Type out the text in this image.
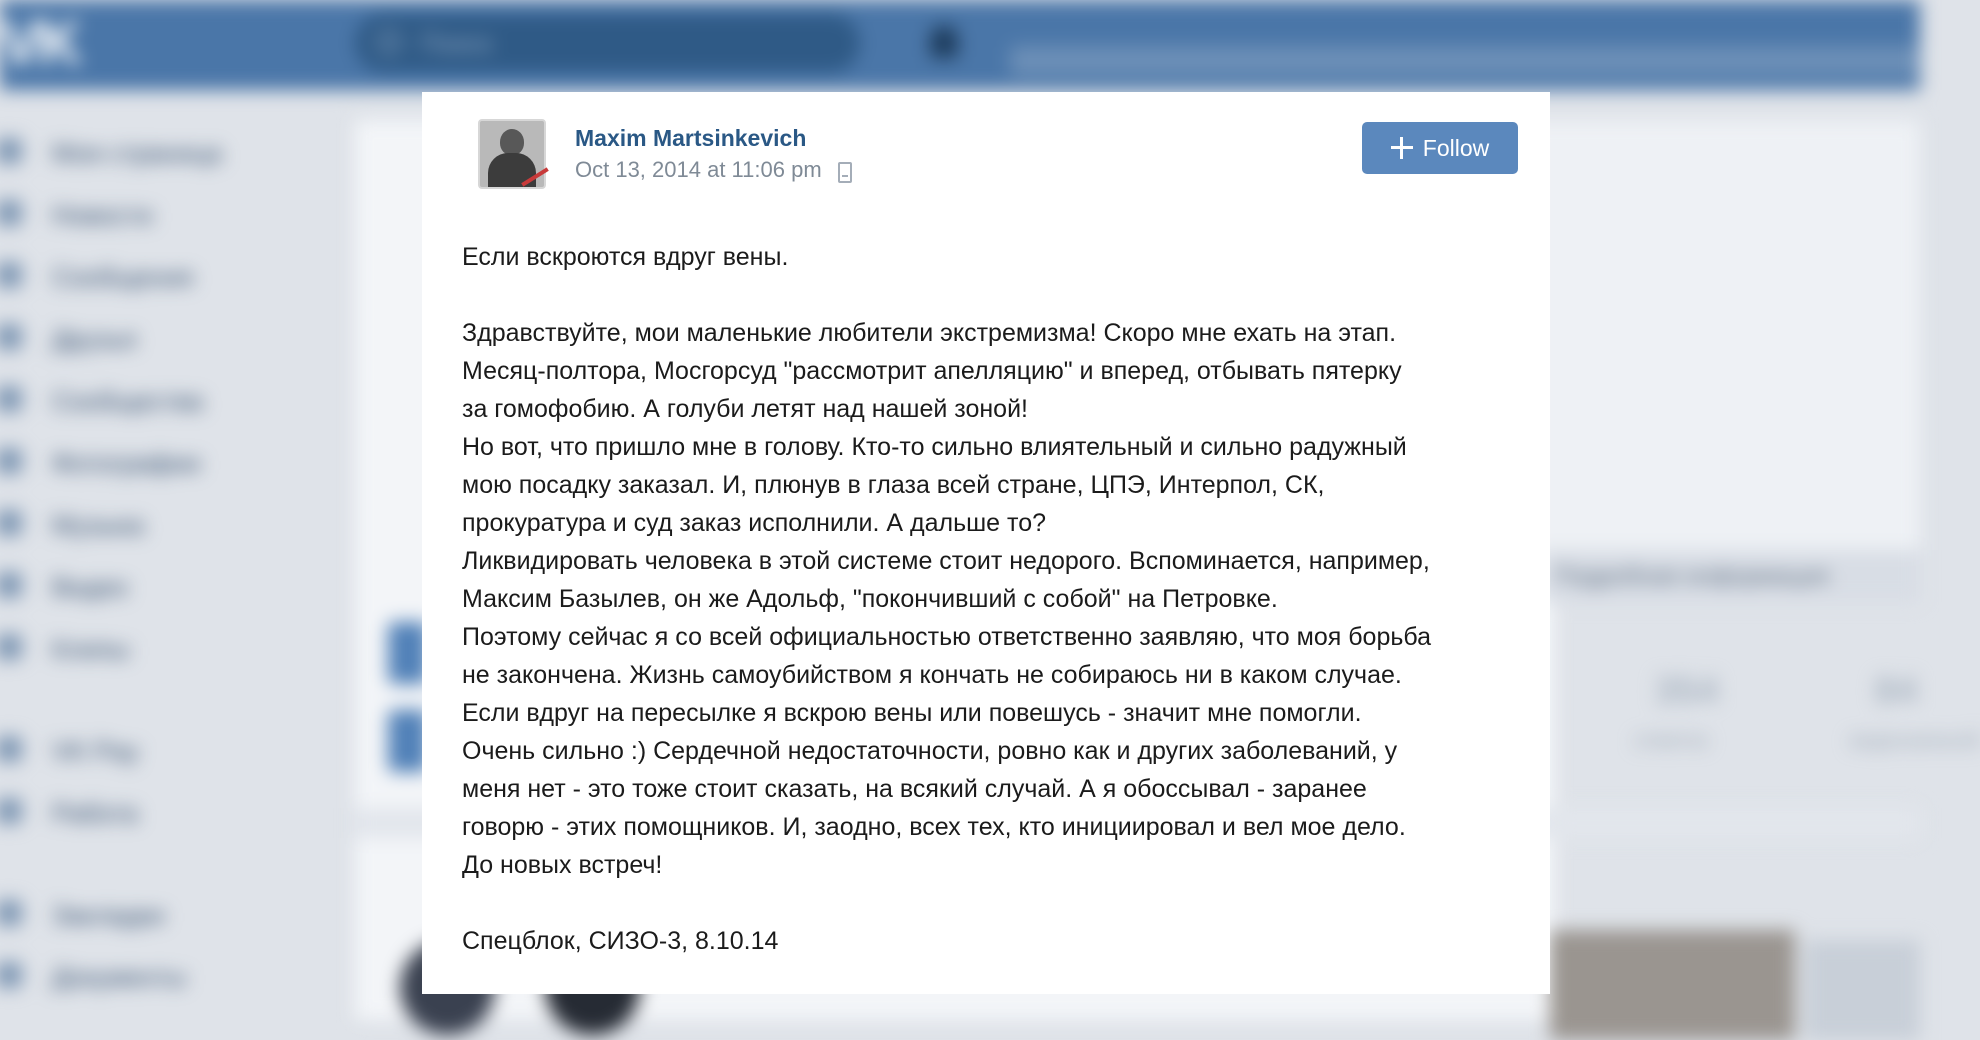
VK	Поиск
Моя страница
Новости
Сообщения
Друзья
Сообщества
Фотографии
Музыка
Видео
Клипы
VK Pay
Работа
Закладки
Документы
Подробная информация
354
отметок
84
видеозаписей
Maxim Martsinkevich
Oct 13, 2014 at 11:06 pm
Follow
Если вскроются вдруг вены.
Здравствуйте, мои маленькие любители экстремизма! Скоро мне ехать на этап.
Месяц-полтора, Мосгорсуд "рассмотрит апелляцию" и вперед, отбывать пятерку
за гомофобию. А голуби летят над нашей зоной!
Но вот, что пришло мне в голову. Кто-то сильно влиятельный и сильно радужный
мою посадку заказал. И, плюнув в глаза всей стране, ЦПЭ, Интерпол, СК,
прокуратура и суд заказ исполнили. А дальше то?
Ликвидировать человека в этой системе стоит недорого. Вспоминается, например,
Максим Базылев, он же Адольф, "покончивший с собой" на Петровке.
Поэтому сейчас я со всей официальностью ответственно заявляю, что моя борьба
не закончена. Жизнь самоубийством я кончать не собираюсь ни в каком случае.
Если вдруг на пересылке я вскрою вены или повешусь - значит мне помогли.
Очень сильно :) Сердечной недостаточности, ровно как и других заболеваний, у
меня нет - это тоже стоит сказать, на всякий случай. А я обоссывал - заранее
говорю - этих помощников. И, заодно, всех тех, кто инициировал и вел мое дело.
До новых встреч!
Спецблок, СИЗО-3, 8.10.14
